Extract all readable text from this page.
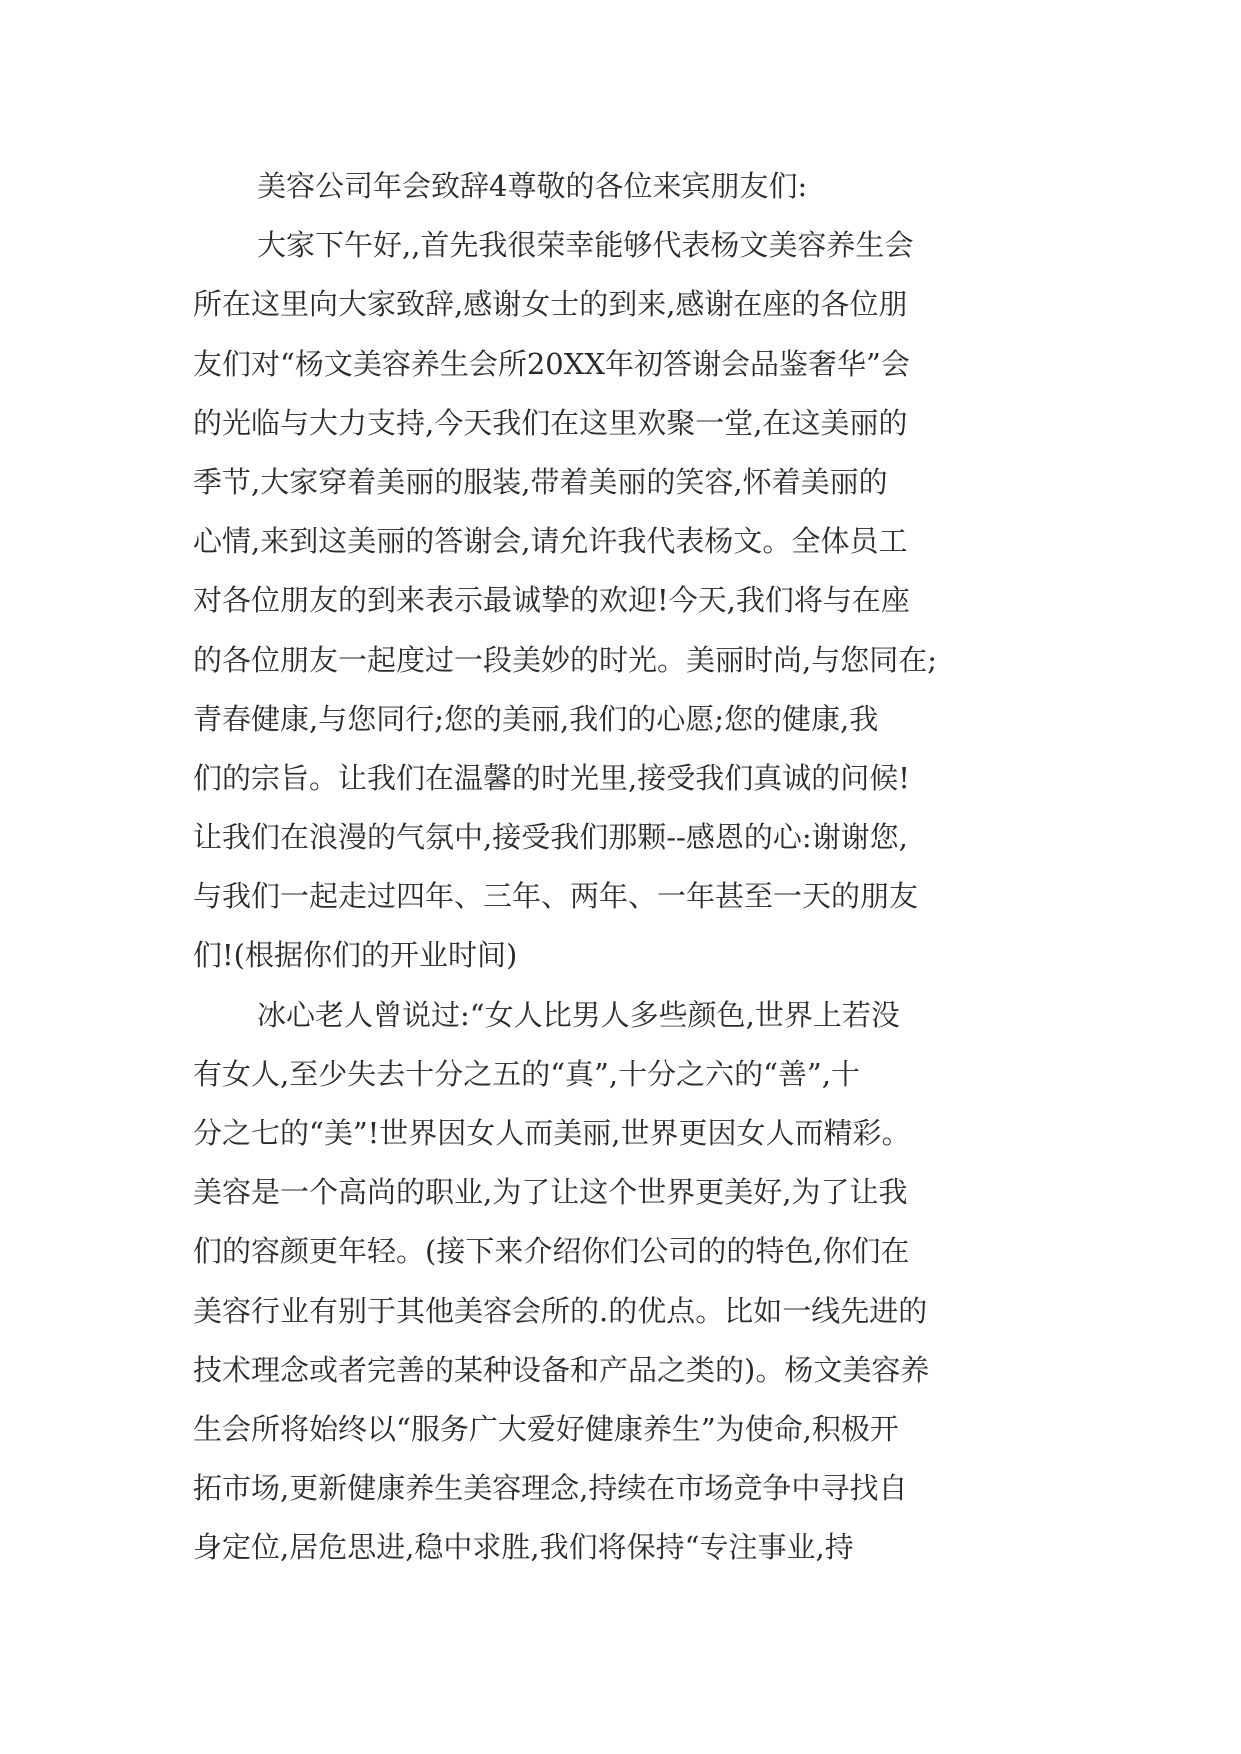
美容公司年会致辞4尊敬的各位来宾朋友们:
大家下午好,,首先我很荣幸能够代表杨文美容养生会
所在这里向大家致辞,感谢女士的到来,感谢在座的各位朋
友们对“杨文美容养生会所20XX年初答谢会品鉴奢华”会
的光临与大力支持,今天我们在这里欢聚一堂,在这美丽的
季节,大家穿着美丽的服装,带着美丽的笑容,怀着美丽的
心情,来到这美丽的答谢会,请允许我代表杨文。全体员工
对各位朋友的到来表示最诚挚的欢迎!今天,我们将与在座
的各位朋友一起度过一段美妙的时光。美丽时尚,与您同在;
青春健康,与您同行;您的美丽,我们的心愿;您的健康,我
们的宗旨。让我们在温馨的时光里,接受我们真诚的问候!
让我们在浪漫的气氛中,接受我们那颗--感恩的心:谢谢您,
与我们一起走过四年、三年、两年、一年甚至一天的朋友
们!(根据你们的开业时间)
冰心老人曾说过:“女人比男人多些颜色,世界上若没
有女人,至少失去十分之五的“真”,十分之六的“善”,十
分之七的“美”!世界因女人而美丽,世界更因女人而精彩。
美容是一个高尚的职业,为了让这个世界更美好,为了让我
们的容颜更年轻。(接下来介绍你们公司的的特色,你们在
美容行业有别于其他美容会所的.的优点。比如一线先进的
技术理念或者完善的某种设备和产品之类的)。杨文美容养
生会所将始终以“服务广大爱好健康养生”为使命,积极开
拓市场,更新健康养生美容理念,持续在市场竞争中寻找自
身定位,居危思进,稳中求胜,我们将保持“专注事业,持
